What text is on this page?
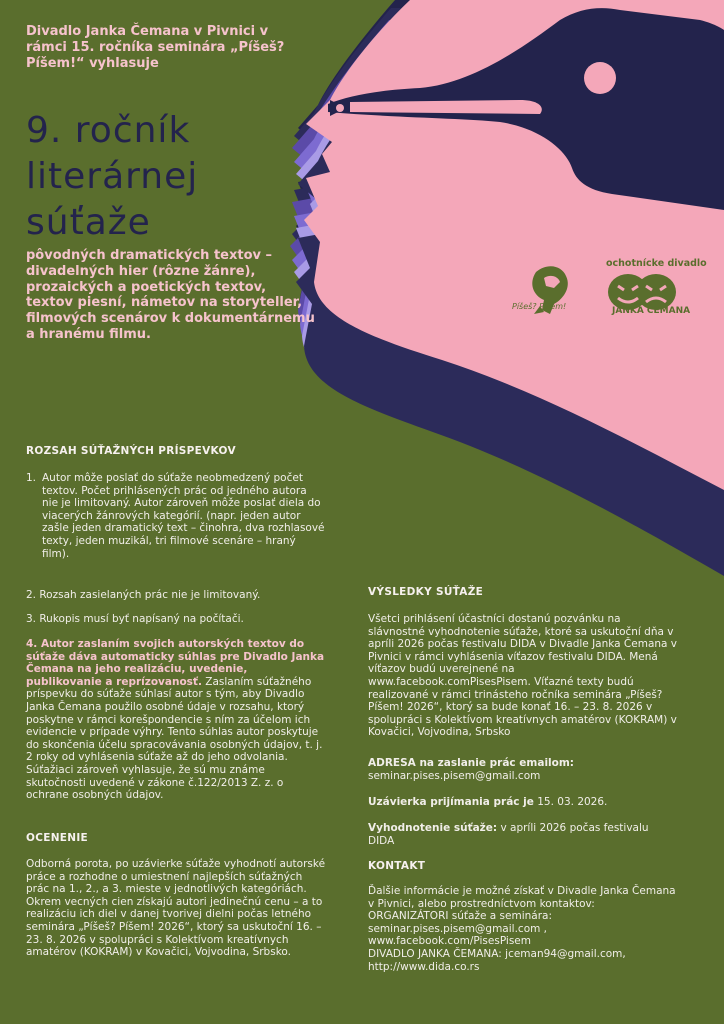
Píšeš? Píšem!
ochotnícke divadlo
JANKA ČEMANA
Divadlo Janka Čemana v Pivnici v rámci 15. ročníka seminára „Píšeš? Píšem!“ vyhlasuje
9. ročník
literárnej
súťaže
pôvodných dramatických textov – divadelných hier (rôzne žánre), prozaických a poetických textov, textov piesní, námetov na storyteller, filmových scenárov k dokumentárnemu a hranému filmu.
ROZSAH SÚŤAŽNÝCH PRÍSPEVKOV
1. Autor môže poslať do súťaže neobmedzený počet textov. Počet prihlásených prác od jedného autora nie je limitovaný. Autor zároveň môže poslať diela do viacerých žánrových kategórií. (napr. jeden autor zašle jeden dramatický text – činohra, dva rozhlasové texty, jeden muzikál, tri filmové scenáre – hraný film).
2. Rozsah zasielaných prác nie je limitovaný.
3. Rukopis musí byť napísaný na počítači.
4. Autor zaslaním svojich autorských textov do súťaže dáva automaticky súhlas pre Divadlo Janka Čemana na jeho realizáciu, uvedenie, publikovanie a reprízovanosť. Zaslaním súťažného príspevku do súťaže súhlasí autor s tým, aby Divadlo Janka Čemana použilo osobné údaje v rozsahu, ktorý poskytne v rámci korešpondencie s ním za účelom ich evidencie v prípade výhry. Tento súhlas autor poskytuje do skončenia účelu spracovávania osobných údajov, t. j. 2 roky od vyhlásenia súťaže až do jeho odvolania. Súťažiaci zároveň vyhlasuje, že sú mu známe skutočnosti uvedené v zákone č.122/2013 Z. z. o ochrane osobných údajov.
OCENENIE
Odborná porota, po uzávierke súťaže vyhodnotí autorské práce a rozhodne o umiestnení najlepších súťažných prác na 1., 2., a 3. mieste v jednotlivých kategóriách. Okrem vecných cien získajú autori jedinečnú cenu – a to realizáciu ich diel v danej tvorivej dielni počas letného seminára „Píšeš? Píšem! 2026“, ktorý sa uskutoční 16. – 23. 8. 2026 v spolupráci s Kolektívom kreatívnych amatérov (KOKRAM) v Kovačici, Vojvodina, Srbsko.
VÝSLEDKY SÚŤAŽE
Všetci prihlásení účastníci dostanú pozvánku na slávnostné vyhodnotenie súťaže, ktoré sa uskutoční dňa v apríli 2026 počas festivalu DIDA v Divadle Janka Čemana v Pivnici v rámci vyhlásenia víťazov festivalu DIDA. Mená víťazov budú uverejnené na www.facebook.comPisesPisem. Víťazné texty budú realizované v rámci trinásteho ročníka seminára „Píšeš? Píšem! 2026“, ktorý sa bude konať 16. – 23. 8. 2026 v spolupráci s Kolektívom kreatívnych amatérov (KOKRAM) v Kovačici, Vojvodina, Srbsko
ADRESA na zaslanie prác emailom:
seminar.pises.pisem@gmail.com
Uzávierka prijímania prác je 15. 03. 2026.
Vyhodnotenie súťaže: v apríli 2026 počas festivalu DIDA
KONTAKT
Ďalšie informácie je možné získať v Divadle Janka Čemana v Pivnici, alebo prostredníctvom kontaktov:
ORGANIZÁTORI súťaže a seminára:
seminar.pises.pisem@gmail.com ,
www.facebook.com/PisesPisem
DIVADLO JANKA ČEMANA: jceman94@gmail.com,
http://www.dida.co.rs
